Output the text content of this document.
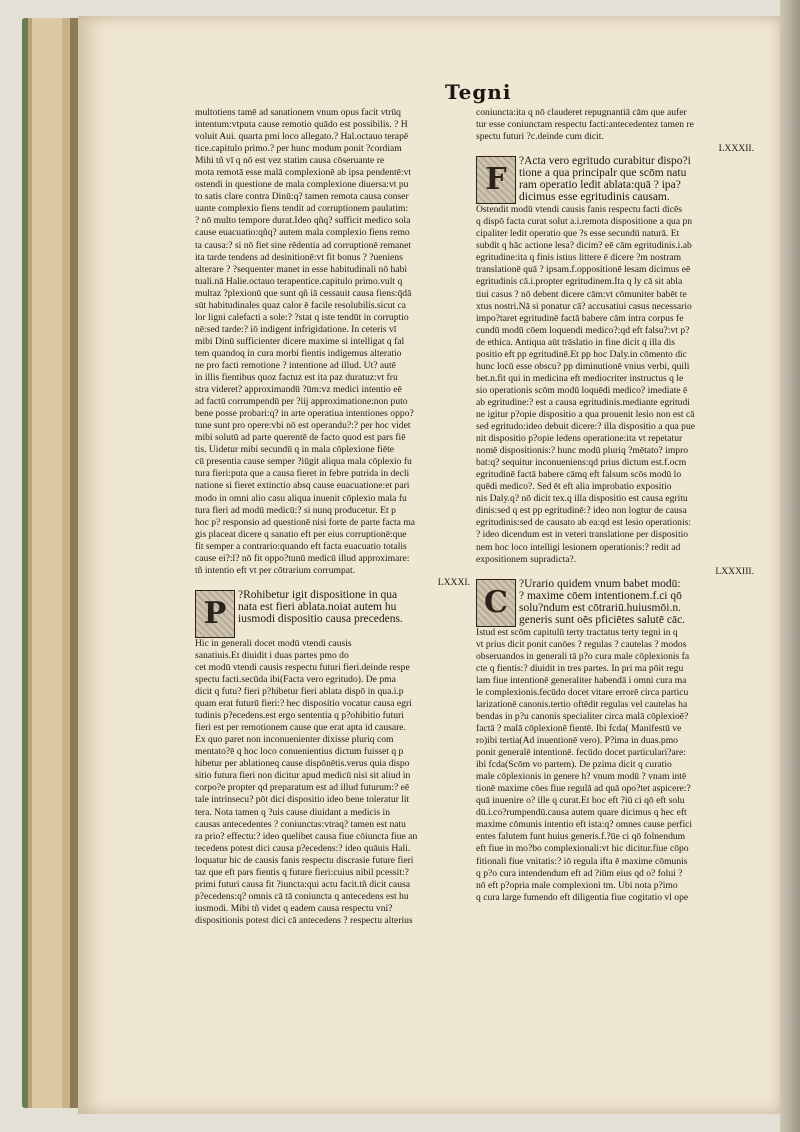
Tegni
multotiens tamē ad sanationem vnum opus facit vtrūq
intentum:vtputa cause remotio quādo est possibilis. ? H
voluit Aui. quarta pmi loco allegato.? Hal.octauo terapē
tice.capitulo primo.? per hunc modum ponit ?cordiam
Mihi tñ vī q nō est vez statim causa cōseruante re
mota remotā esse malā complexionē ab ipsa pendentē:vt
ostendi in questione de mala complexione diuersa:vt pu
to satis clare contra Dinū:q? tamen remota causa conser
uante complexio fiens tendit ad corruptionem paulatim:
? nō multo tempore durat.Ideo qñq? sufficit medico sola
cause euacuatio:qñq? autem mala complexio fiens remo
ta causa:? si nō fiet sine rēdentia ad corruptionē remanet
ita tarde tendens ad desinitionē:vt fit bonus ? ?ueniens
alterare ? ?sequenter manet in esse habitudinali nō habi
tuali.nā Halie.octauo terapentice.capitulo primo.vult q
multaz ?plexionū que sunt qñ iā cessauit causa fiens:q̄dā
sūt habitudinales quaz calor ē facile resolubilis.sicut ca
lor ligni calefacti a sole:? ?stat q iste tendūt in corruptio
nē:sed tarde:? iō indigent infrigidatione. In ceteris vī
mibi Dinū sufficienter dicere maxime si intelligat q fal
tem quandoq in cura morbi fientis indigemus alteratio
ne pro facti remotione ? intentione ad illud. Ut? autē
in illis fientibus quoz factuz est ita paz duratuz:vt fru
stra videret? approximandū ?ūm:vz medici intentio eē
ad factū corrumpendū per ?iij approximatione:non puto
bene posse probari:q? in arte operatiua intentiones oppo?
tune sunt pro opere:vbi nō est operandu?:? per hoc videt
mibi solutū ad parte querentē de facto quod est pars fiē
tis. Uidetur mibi secundū q in mala cōplexione fiēte
cū presentia cause semper ?iūgit aliqua mala cōplexio fu
tura fieri:puta que a causa fieret in febre putrida in decli
natione si fieret extinctio absq cause euacuatione:et pari
modo in omni alio casu aliqua inuenit cōplexio mala fu
tura fieri ad modū medicū:? si nunq producetur. Et p
hoc p? responsio ad questionē nisi forte de parte facta ma
gis placeat dicere q sanatio eft per eius corruptionē:que
fit semper a contrario:quando eft facta euacuatio totalis
cause ei?:l? nō fit oppo?tunū medicū illud approximare:
tñ intentio eft vt per cōtrarium corrumpat.
LXXXI.
P
?Rohibetur igit dispositione in qua
nata est fieri ablata.noiat autem hu
iusmodi dispositio causa precedens.
Hic in generali docet modū vtendi causis
sanatiuis.Et diuidit i duas partes pmo do
cet modū vtendi causis respectu futuri fieri.deinde respe
spectu facti.secūda ibi(Facta vero egritudo). De pma
dicit q futu? fieri p?hibetur fieri ablata dispō in qua.i.p
quam erat futurū fieri:? hec dispositio vocatur causa egri
tudinis p?ecedens.est ergo sententia q p?ohibitio futuri
fieri est per remotionem cause que erat apta id causare.
Ex quo paret non inconuenienter dixisse pluriq com
mentato?ē q hoc loco conuenientius dictum fuisset q p
hibetur per ablationeq cause dispōnētis.verus quia dispo
sitio futura fieri non dicitur apud medicū nisi sit aliud in
corpo?e propter qd preparatum est ad illud futurum:? eē
tale intrinsecu? pōt dici dispositio ideo bene toleratur lit
tera. Nota tamen q ?uis cause diuidant a medicis in
causas antecedentes ? coniunctas:vtraq? tamen est natu
ra prio? effectu:? ideo quelibet causa fiue cōiuncta fiue an
tecedens potest dici causa p?ecedens:? ideo quāuis Hali.
loquatur hic de causis fanis respectu discrasie future fieri
taz que eft pars fientis q future fieri:cuius nibil pcessit:?
primi futuri causa fit ?iuncta:qui actu facit.tñ dicit causa
p?ecedens:q? omnis cā tā coniuncta q antecedens est hu
iusmodi. Mibi tñ videt q eadem causa respectu vni?
dispositionis potest dici cā antecedens ? respectu alterius
coniuncta:ita q nō clauderet repugnantiā cām que aufer
tur esse coniunctam respectu facti:antecedentez tamen re
spectu futuri ?c.deinde cum dicit.
LXXXII.
F
?Acta vero egritudo curabitur dispo?i
tione a qua principalr que scōm natu
ram operatio ledit ablata:quā ? ipa?
dicimus esse egritudinis causam.
Ostendit modū vtendi causis fanis respectu facti dicēs
q dispō facta curat solut a.i.remota dispositione a qua pn
cipaliter ledit operatio que ?s esse secundū naturā. Et
subdit q hāc actione lesa? dicim? eē cām egritudinis.i.ab
egritudine:ita q finis istius littere ē dicere ?m nostram
translationē quā ? ipsam.f.oppositionē lesam dicimus eē
egritudinis cā.i.propter egritudinem.Ita q ly cā sit abla
tiui casus ? nō debent dicere cām:vt cōmuniter babēt te
xtus nostri.Nā si ponatur cā? accusatiui casus necessario
impo?taret egritudinē factā babere cām intra corpus fe
cundū modū cōem loquendi medico?:qd eft falsu?:vt p?
de ethica. Antiqua aūt trāslatio in fine dicit q illa dis
positio eft pp egritudinē.Et pp hoc Daly.in cōmento dic
hunc locū esse obscu? pp diminutionē vnius verbi, quili
bet.n.fit qui in medicina eft mediocriter instructus q le
sio operationis scōm modū loquēdi medico? imediate ē
ab egritudine:? est a causa egritudinis.mediante egritudi
ne igitur p?opie dispositio a qua prouenit lesio non est cā
sed egritudo:ideo debuit dicere:? illa dispositio a qua pue
nit dispositio p?opie ledens operatione:ita vt repetatur
nomē dispositionis:? hunc modū pluriq ?mētato? impro
bat:q? sequitur inconueniens:qd prius dictum est.f.ocm
egritudinē factā babere cāmq eft falsum scōs modū lo
quēdi medico?. Sed ēt eft alia improbatio expositio
nis Daly.q? nō dicit tex.q illa dispositio est causa egritu
dinis:sed q est pp egritudinē:? ideo non logtur de causa
egritudinis:sed de causato ab ea:qd est lesio operationis:
? ideo dicendum est in veteri translatione per dispositio
nem hoc loco intelligi lesionem operationis:? redit ad
expositionem supradicta?.
LXXXIII.
C
?Urario quidem vnum babet modū:
? maxime cōem intentionem.f.ci qō
solu?ndum est cōtrariū.huiusmōi.n.
generis sunt oēs pficiētes salutē cāc.
Istud est scōm capitulū terty tractatus terty tegni in q
vt prius dicit ponit canōes ? regulas ? cautelas ? modos
obseruandos in generali tā p?o cura male cōplexionis fa
cte q fientis:? diuidit in tres partes. In pri ma pōit regu
lam fiue intentionē generaliter habendā i omni cura ma
le complexionis.fecūdo docet vitare errorē circa particu
larizationē canonis.tertio oftēdit regulas vel cautelas ha
bendas in p?u canonis specialiter circa malā cōplexioē?
factā ? malā cōplexionē fientē. Ibi fcda( Manifestū ve
ro)ibi tertia(Ad inuentionē vero). P?ima in duas.pmo
ponit generalē intentionē. fecūdo docet particulari?are:
ibi fcda(Scōm vo partem). De pzima dicit q curatio
male cōplexionis in genere h? vnum modū ? vnam intē
tionē maxime cōes fiue regulā ad quā opo?tet aspicere:?
quā inuenire o? ille q curat.Et boc eft ?iū ci qō eft solu
dū.i.co?rumpendū.causa autem quare dicimus q hec eft
maxime cōmunis intentio eft ista:q? omnes cause perfici
entes falutem funt huius generis.f.?ūe ci qō folnendum
eft fiue in mo?bo complexionali:vt hic dicitur.fiue cōpo
fitionali fiue vnitatis:? iō regula ifta ē maxime cōmunis
q p?o cura intendendum eft ad ?iūm eius qd o? folui ?
nō eft p?opria male complexioni tm. Ubi nota p?imo
q cura large fumendo eft diligentia fiue cogitatio vl ope
